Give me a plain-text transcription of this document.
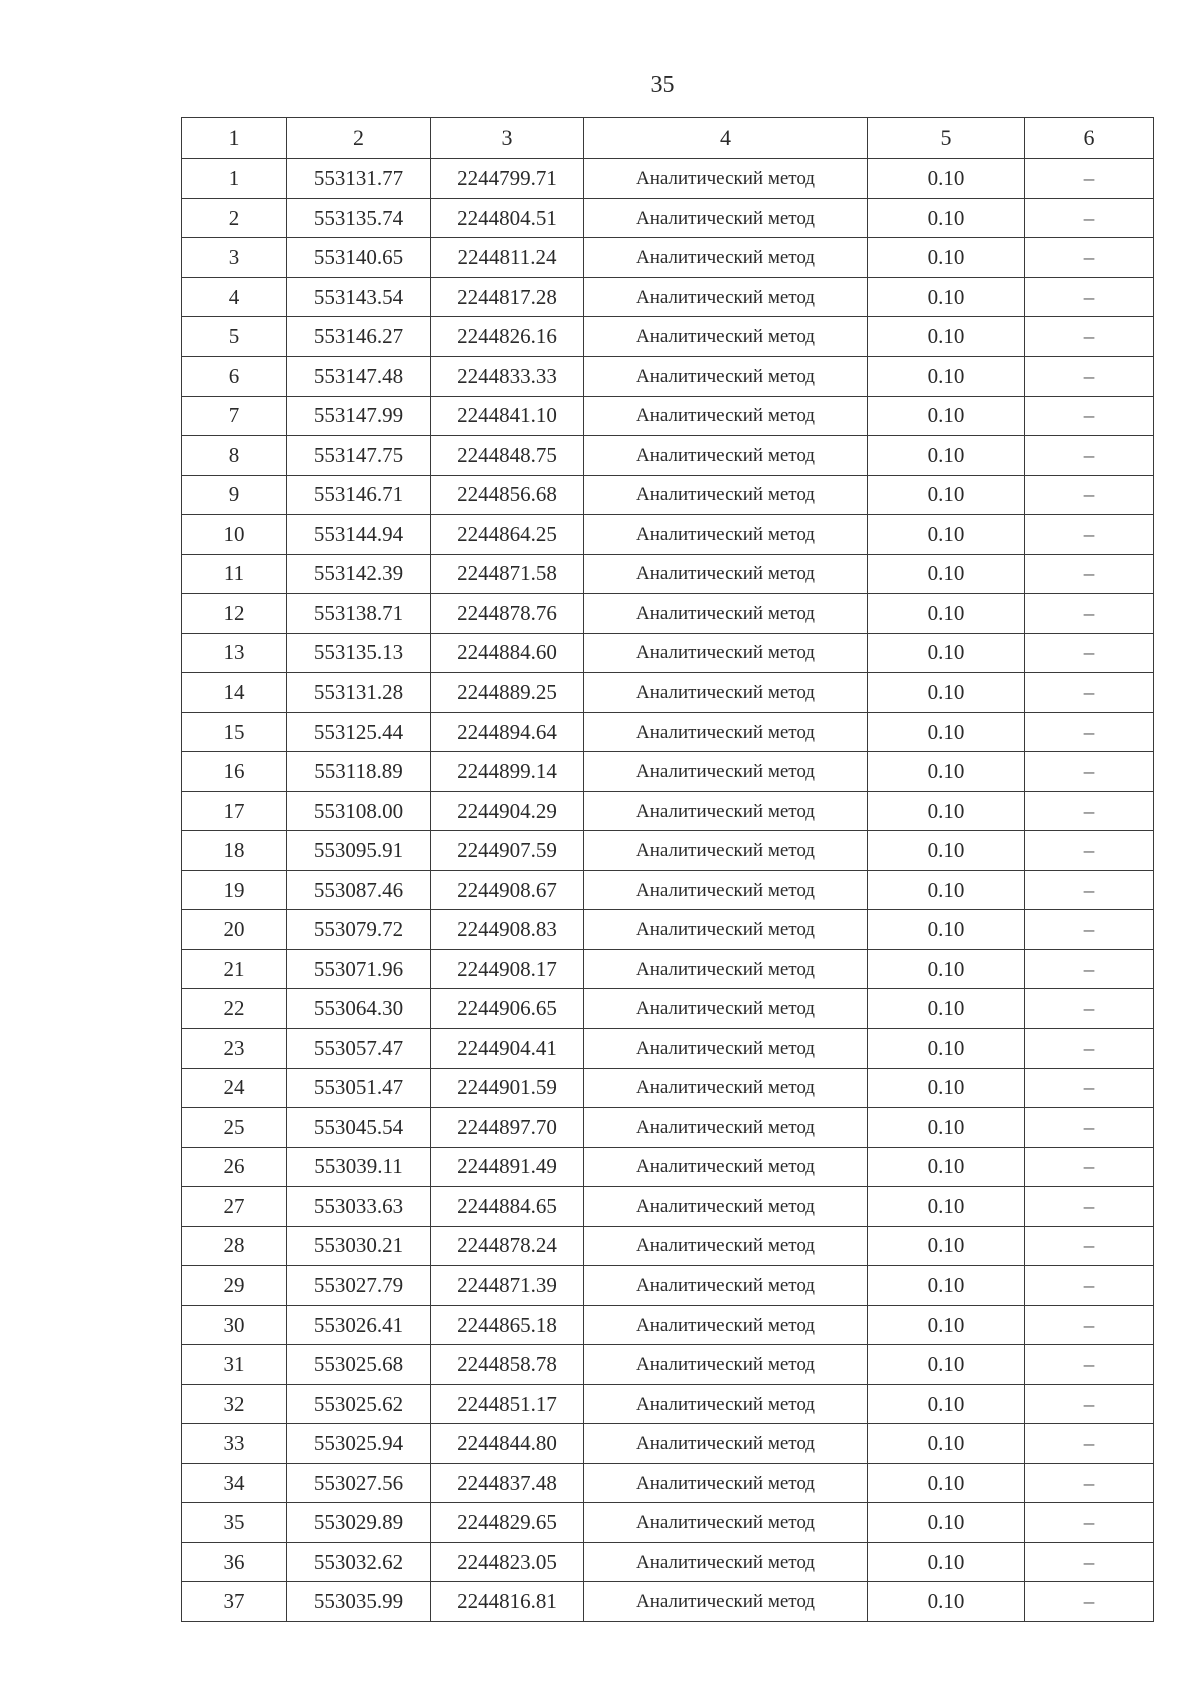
35
1	2	3	4	5	6
1	553131.77	2244799.71	Аналитический метод	0.10	–
2	553135.74	2244804.51	Аналитический метод	0.10	–
3	553140.65	2244811.24	Аналитический метод	0.10	–
4	553143.54	2244817.28	Аналитический метод	0.10	–
5	553146.27	2244826.16	Аналитический метод	0.10	–
6	553147.48	2244833.33	Аналитический метод	0.10	–
7	553147.99	2244841.10	Аналитический метод	0.10	–
8	553147.75	2244848.75	Аналитический метод	0.10	–
9	553146.71	2244856.68	Аналитический метод	0.10	–
10	553144.94	2244864.25	Аналитический метод	0.10	–
11	553142.39	2244871.58	Аналитический метод	0.10	–
12	553138.71	2244878.76	Аналитический метод	0.10	–
13	553135.13	2244884.60	Аналитический метод	0.10	–
14	553131.28	2244889.25	Аналитический метод	0.10	–
15	553125.44	2244894.64	Аналитический метод	0.10	–
16	553118.89	2244899.14	Аналитический метод	0.10	–
17	553108.00	2244904.29	Аналитический метод	0.10	–
18	553095.91	2244907.59	Аналитический метод	0.10	–
19	553087.46	2244908.67	Аналитический метод	0.10	–
20	553079.72	2244908.83	Аналитический метод	0.10	–
21	553071.96	2244908.17	Аналитический метод	0.10	–
22	553064.30	2244906.65	Аналитический метод	0.10	–
23	553057.47	2244904.41	Аналитический метод	0.10	–
24	553051.47	2244901.59	Аналитический метод	0.10	–
25	553045.54	2244897.70	Аналитический метод	0.10	–
26	553039.11	2244891.49	Аналитический метод	0.10	–
27	553033.63	2244884.65	Аналитический метод	0.10	–
28	553030.21	2244878.24	Аналитический метод	0.10	–
29	553027.79	2244871.39	Аналитический метод	0.10	–
30	553026.41	2244865.18	Аналитический метод	0.10	–
31	553025.68	2244858.78	Аналитический метод	0.10	–
32	553025.62	2244851.17	Аналитический метод	0.10	–
33	553025.94	2244844.80	Аналитический метод	0.10	–
34	553027.56	2244837.48	Аналитический метод	0.10	–
35	553029.89	2244829.65	Аналитический метод	0.10	–
36	553032.62	2244823.05	Аналитический метод	0.10	–
37	553035.99	2244816.81	Аналитический метод	0.10	–
